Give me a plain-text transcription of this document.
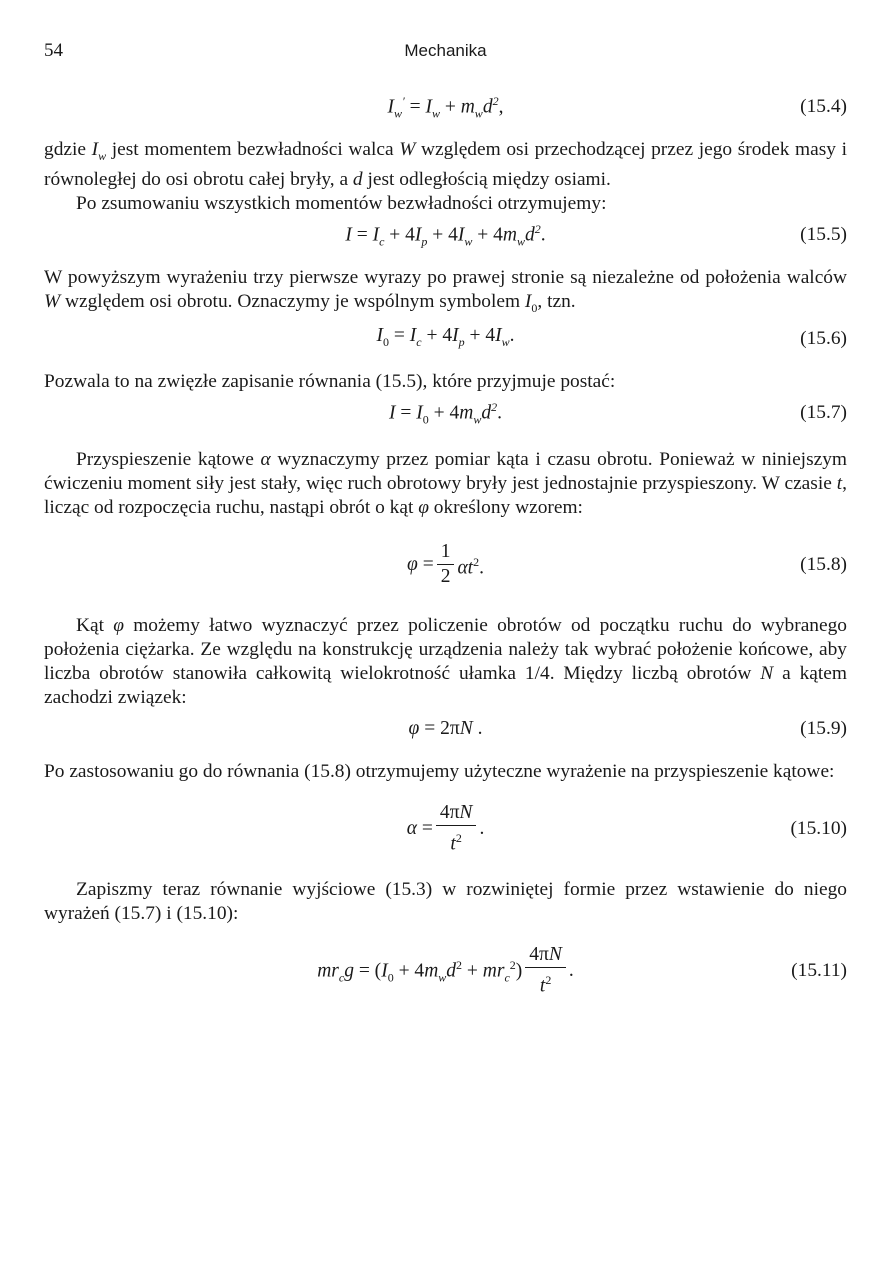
54	Mechanika
$I_w' = I_w + m_wd^2$,	(15.4)

gdzie $I_w$ jest momentem bezwładności walca W względem osi przechodzącej przez jego środek masy i równoległej do osi obrotu całej bryły, a d jest odległością między osiami.

Po zsumowaniu wszystkich momentów bezwładności otrzymujemy:

$I = I_c + 4I_p + 4I_w + 4m_wd^2$.	(15.5)

W powyższym wyrażeniu trzy pierwsze wyrazy po prawej stronie są niezależne od położenia walców W względem osi obrotu. Oznaczymy je wspólnym symbolem $I_0$, tzn.

$I_0 = I_c + 4I_p + 4I_w$.	(15.6)

Pozwala to na zwięzłe zapisanie równania (15.5), które przyjmuje postać:

$I = I_0 + 4m_wd^2$.	(15.7)

Przyspieszenie kątowe α wyznaczymy przez pomiar kąta i czasu obrotu. Ponieważ w niniejszym ćwiczeniu moment siły jest stały, więc ruch obrotowy bryły jest jednostajnie przyspieszony. W czasie t, licząc od rozpoczęcia ruchu, nastąpi obrót o kąt φ określony wzorem:

$\varphi = \frac{1}{2} \alpha t^2$.	(15.8)

Kąt φ możemy łatwo wyznaczyć przez policzenie obrotów od początku ruchu do wybranego położenia ciężarka. Ze względu na konstrukcję urządzenia należy tak wybrać położenie końcowe, aby liczba obrotów stanowiła całkowitą wielokrotność ułamka 1/4. Między liczbą obrotów N a kątem zachodzi związek:

φ = 2πN .	(15.9)

Po zastosowaniu go do równania (15.8) otrzymujemy użyteczne wyrażenie na przyspieszenie kątowe:

$\alpha = \frac{4\pi N}{t^2}$ .	(15.10)

Zapiszmy teraz równanie wyjściowe (15.3) w rozwiniętej formie przez wstawienie do niego wyrażeń (15.7) i (15.10):

$mr_cg = (I_0 + 4m_wd^2 + mr_c^2) \frac{4\pi N}{t^2}$ .	(15.11)
